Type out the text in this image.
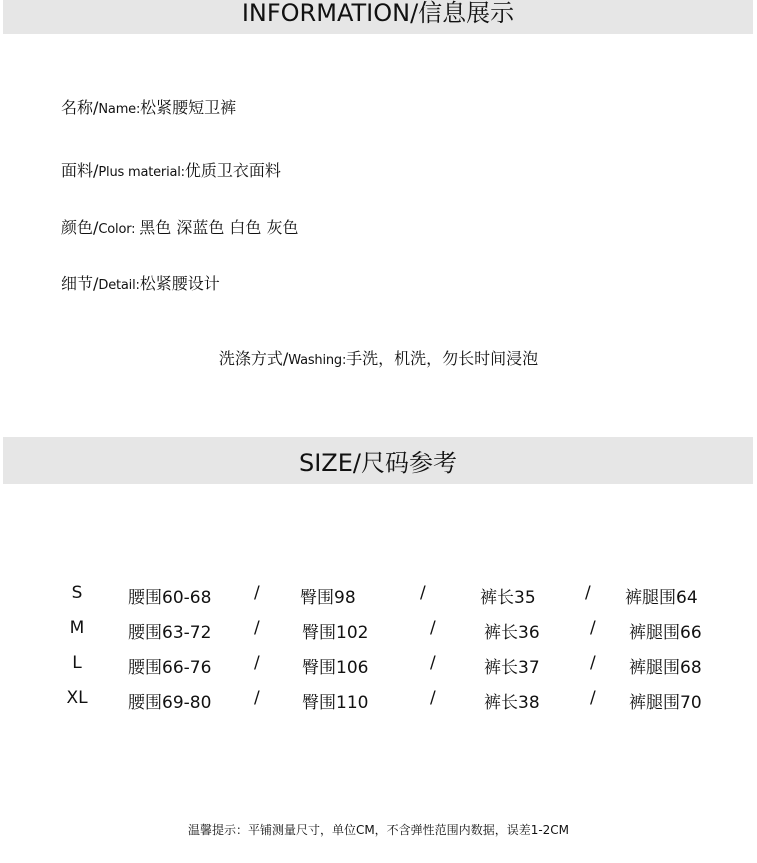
INFORMATION/信息展示
名称/Name:松紧腰短卫裤
面料/Plus material:优质卫衣面料
颜色/Color: 黑色 深蓝色 白色 灰色
细节/Detail:松紧腰设计
洗涤方式/Washing:手洗，机洗，勿长时间浸泡
SIZE/尺码参考
S	腰围60-68	/ 臀围98	/	裤长35	/ 裤腿围64
M	腰围63-72	/ 臀围102	/	裤长36	/ 裤腿围66
L	腰围66-76	/ 臀围106	/	裤长37	/ 裤腿围68
XL	腰围69-80	/ 臀围110	/	裤长38	/ 裤腿围70
温馨提示：平铺测量尺寸，单位CM，不含弹性范围内数据，误差1-2CM
